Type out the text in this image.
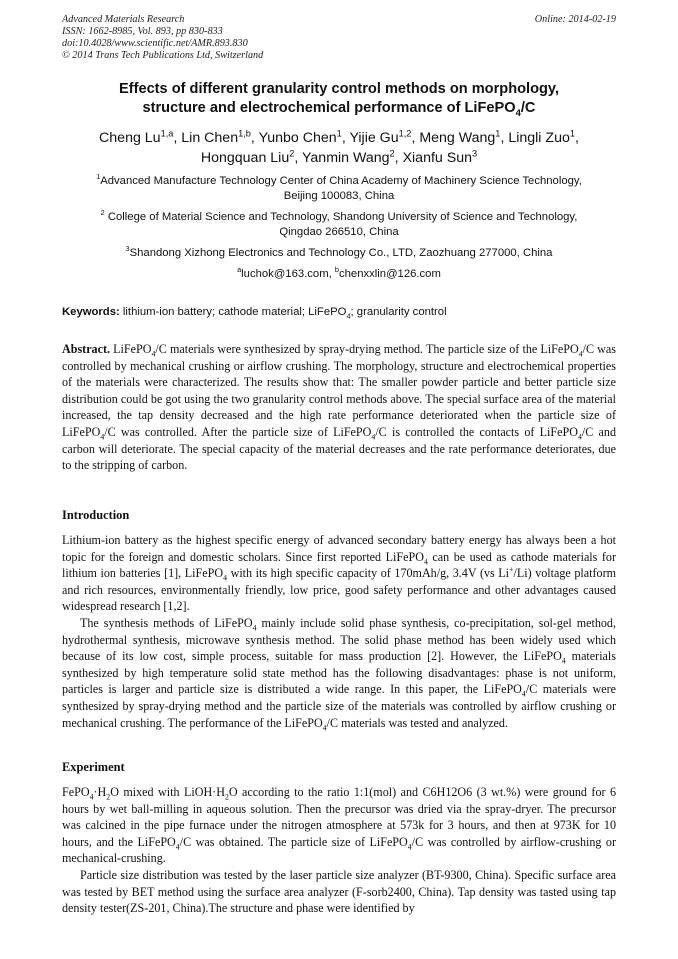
Advanced Materials Research
ISSN: 1662-8985, Vol. 893, pp 830-833
doi:10.4028/www.scientific.net/AMR.893.830
© 2014 Trans Tech Publications Ltd, Switzerland
Online: 2014-02-19
Effects of different granularity control methods on morphology,
structure and electrochemical performance of LiFePO$_4$/C
Cheng Lu$^{1,a}$, Lin Chen$^{1,b}$, Yunbo Chen$^1$, Yijie Gu$^{1,2}$, Meng Wang$^1$, Lingli Zuo$^1$,
Hongquan Liu$^2$, Yanmin Wang$^2$, Xianfu Sun$^3$
$^1$Advanced Manufacture Technology Center of China Academy of Machinery Science Technology,
Beijing 100083, China
$^2$ College of Material Science and Technology, Shandong University of Science and Technology,
Qingdao 266510, China
$^3$Shandong Xizhong Electronics and Technology Co., LTD, Zaozhuang 277000, China
$^a$luchok@163.com, $^b$chenxxlin@126.com
Keywords: lithium-ion battery; cathode material; LiFePO$_4$; granularity control
Abstract. LiFePO$_4$/C materials were synthesized by spray-drying method. The particle size of the LiFePO$_4$/C was controlled by mechanical crushing or airflow crushing. The morphology, structure and electrochemical properties of the materials were characterized. The results show that: The smaller powder particle and better particle size distribution could be got using the two granularity control methods above. The special surface area of the material increased, the tap density decreased and the high rate performance deteriorated when the particle size of LiFePO$_4$/C was controlled. After the particle size of LiFePO$_4$/C is controlled the contacts of LiFePO$_4$/C and carbon will deteriorate. The special capacity of the material decreases and the rate performance deteriorates, due to the stripping of carbon.
Introduction

Lithium-ion battery as the highest specific energy of advanced secondary battery energy has always been a hot topic for the foreign and domestic scholars. Since first reported LiFePO$_4$ can be used as cathode materials for lithium ion batteries [1], LiFePO$_4$ with its high specific capacity of 170mAh/g, 3.4V (vs Li+/Li) voltage platform and rich resources, environmentally friendly, low price, good safety performance and other advantages caused widespread research [1,2].

The synthesis methods of LiFePO$_4$ mainly include solid phase synthesis, co-precipitation, sol-gel method, hydrothermal synthesis, microwave synthesis method. The solid phase method has been widely used which because of its low cost, simple process, suitable for mass production [2]. However, the LiFePO$_4$ materials synthesized by high temperature solid state method has the following disadvantages: phase is not uniform, particles is larger and particle size is distributed a wide range. In this paper, the LiFePO$_4$/C materials were synthesized by spray-drying method and the particle size of the materials was controlled by airflow crushing or mechanical crushing. The performance of the LiFePO$_4$/C materials was tested and analyzed.

Experiment

$FePO_4\cdot H_2O$ mixed with $LiOH\cdot H_2O$ according to the ratio 1:1(mol) and C6H12O6 (3 wt.%) were ground for 6 hours by wet ball-milling in aqueous solution. Then the precursor was dried via the spray-dryer. The precursor was calcined in the pipe furnace under the nitrogen atmosphere at 573k for 3 hours, and then at 973K for 10 hours, and the LiFePO$_4$/C was obtained. The particle size of LiFePO$_4$/C was controlled by airflow-crushing or mechanical-crushing.

Particle size distribution was tested by the laser particle size analyzer (BT-9300, China). Specific surface area was tested by BET method using the surface area analyzer (F-sorb2400, China). Tap density was tasted using tap density tester(ZS-201, China).The structure and phase were identified by
